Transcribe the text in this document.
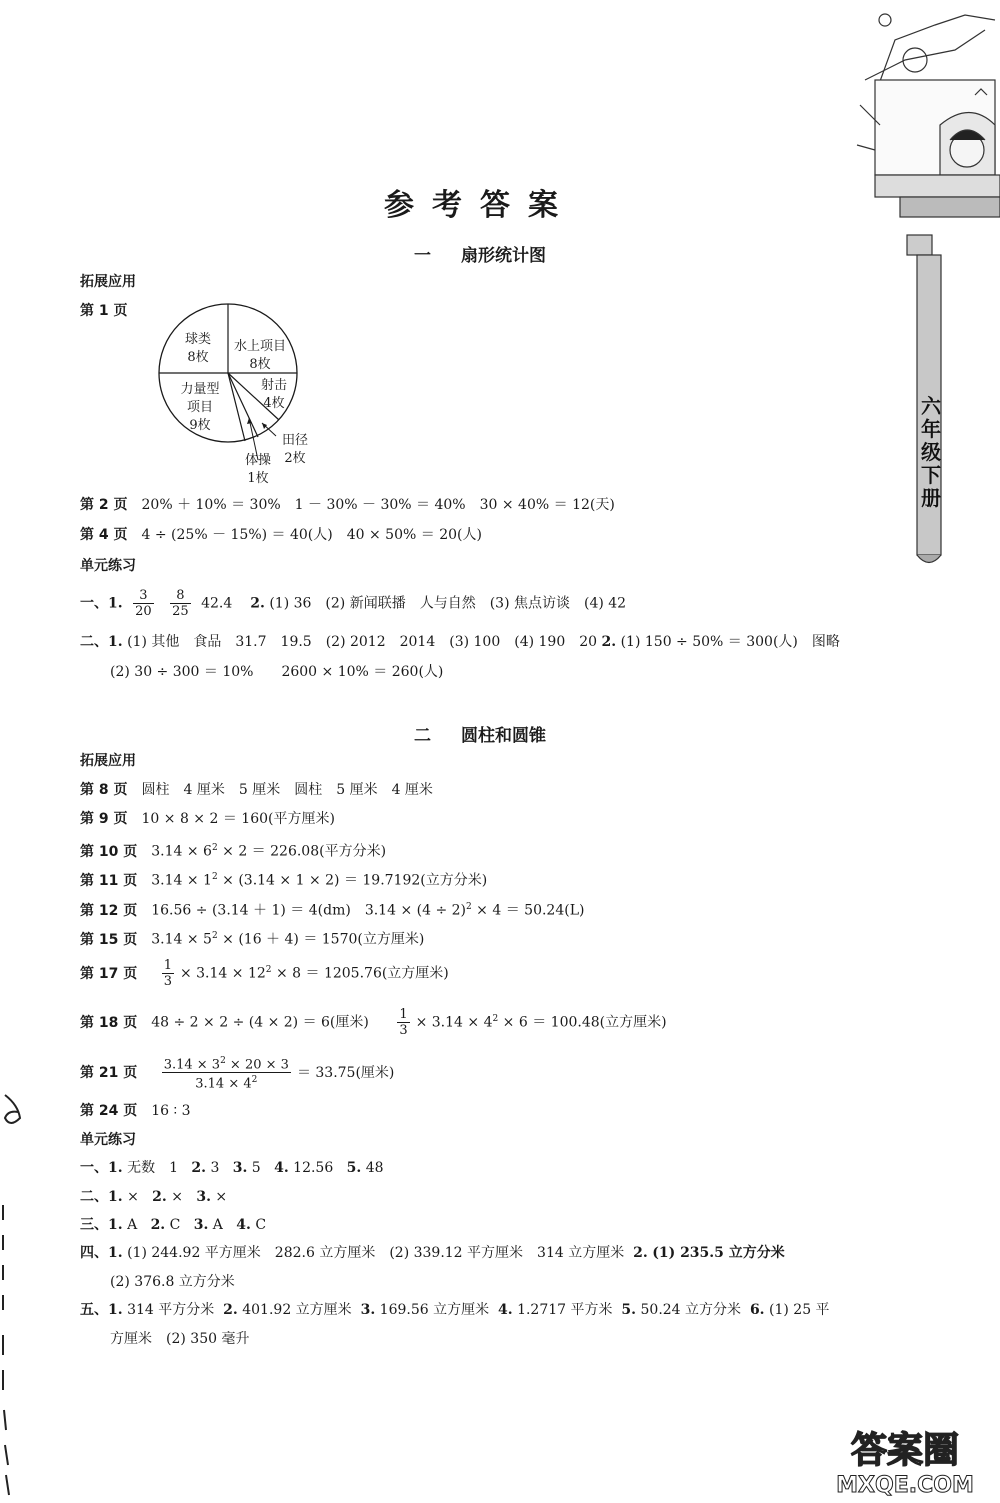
六
年
级
下
册
参考答案
一 扇形统计图
拓展应用
第 1 页
球类
8枚
水上项目
8枚
射击
4枚
田径
2枚
体操
1枚
力量型
项目
9枚
第 2 页 20% ＋ 10% ＝ 30%　1 － 30% － 30% ＝ 40%　30 × 40% ＝ 12(天)
第 4 页 4 ÷ (25% － 15%) ＝ 40(人)　40 × 50% ＝ 20(人)
单元练习
一、1. $\frac{3}{20}$
$\frac{8}{25} 42.4$ 2. (1) 36　(2) 新闻联播　人与自然　(3) 焦点访谈　(4) 42
二、1. (1) 其他　食品　31.7　19.5　(2) 2012　2014　(3) 100　(4) 190　20 2. (1) 150 ÷ 50% ＝ 300(人)　图略
(2) 30 ÷ 300 ＝ 10%　　2600 × 10% ＝ 260(人)
二 圆柱和圆锥
拓展应用
第 8 页 圆柱　4 厘米　5 厘米　圆柱　5 厘米　4 厘米
第 9 页 10 × 8 × 2 ＝ 160(平方厘米)
第 10 页 $3.14 \times 6^2 \times 2 = 226.08$(平方分米)
第 11 页 $3.14 \times 1^2 \times (3.14 \times 1 \times 2) = 19.7192$(立方分米)
第 12 页 16.56 ÷ (3.14 ＋ 1) ＝ 4(dm)　$3.14 \times (4 \div 2)^2 \times 4 = 50.24(L)$
第 15 页 $3.14 \times 5^2 \times (16 + 4) = 1570$(立方厘米)
第 17 页 $\frac{1}{3} \times 3.14 \times 12^2 \times 8 = 1205.76$(立方厘米)
第 18 页 48 ÷ 2 × 2 ÷ (4 × 2) ＝ 6(厘米) $\frac{1}{3} \times 3.14 \times 4^2 \times 6 = 100.48$(立方厘米)
第 21 页 $\frac{3.14 \times 3^2 \times 20 \times 3}{3.14 \times 4^2} = 33.75$(厘米)
第 24 页 16 ∶ 3
单元练习
一、1. 无数　1 2. 3 3. 5 4. 12.56 5. 48
二、1. × 2. × 3. ×
三、1. A 2. C 3. A 4. C
四、1. (1) 244.92 平方厘米　282.6 立方厘米　(2) 339.12 平方厘米　314 立方厘米 2. (1) 235.5 立方分米
(2) 376.8 立方分米
五、1. 314 平方分米 2. 401.92 立方厘米 3. 169.56 立方厘米 4. 1.2717 平方米 5. 50.24 立方分米 6. (1) 25 平
方厘米　(2) 350 毫升
答案圈
MXQE.COM
